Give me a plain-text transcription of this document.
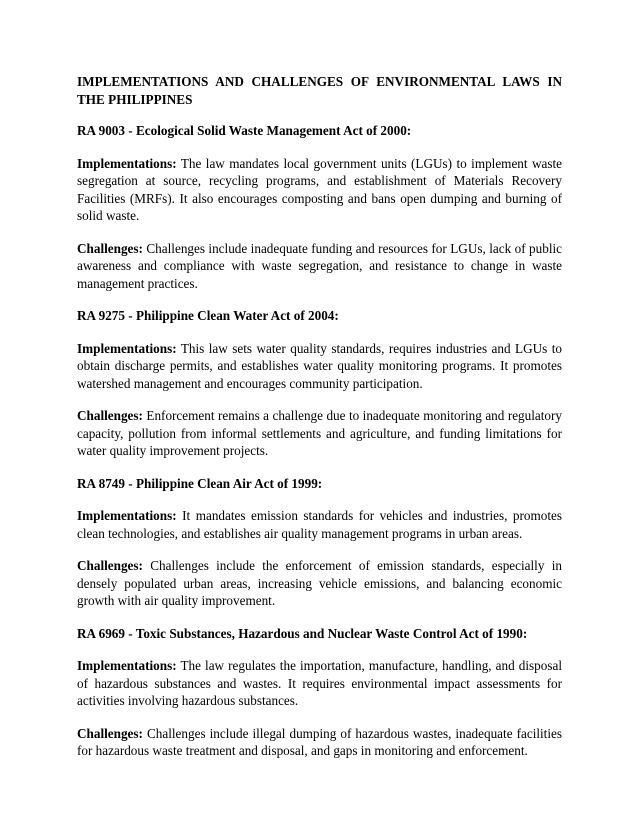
IMPLEMENTATIONS AND CHALLENGES OF ENVIRONMENTAL LAWS IN THE PHILIPPINES
RA 9003 - Ecological Solid Waste Management Act of 2000:
Implementations: The law mandates local government units (LGUs) to implement waste segregation at source, recycling programs, and establishment of Materials Recovery Facilities (MRFs). It also encourages composting and bans open dumping and burning of solid waste.
Challenges: Challenges include inadequate funding and resources for LGUs, lack of public awareness and compliance with waste segregation, and resistance to change in waste management practices.
RA 9275 - Philippine Clean Water Act of 2004:
Implementations: This law sets water quality standards, requires industries and LGUs to obtain discharge permits, and establishes water quality monitoring programs. It promotes watershed management and encourages community participation.
Challenges: Enforcement remains a challenge due to inadequate monitoring and regulatory capacity, pollution from informal settlements and agriculture, and funding limitations for water quality improvement projects.
RA 8749 - Philippine Clean Air Act of 1999:
Implementations: It mandates emission standards for vehicles and industries, promotes clean technologies, and establishes air quality management programs in urban areas.
Challenges: Challenges include the enforcement of emission standards, especially in densely populated urban areas, increasing vehicle emissions, and balancing economic growth with air quality improvement.
RA 6969 - Toxic Substances, Hazardous and Nuclear Waste Control Act of 1990:
Implementations: The law regulates the importation, manufacture, handling, and disposal of hazardous substances and wastes. It requires environmental impact assessments for activities involving hazardous substances.
Challenges: Challenges include illegal dumping of hazardous wastes, inadequate facilities for hazardous waste treatment and disposal, and gaps in monitoring and enforcement.
